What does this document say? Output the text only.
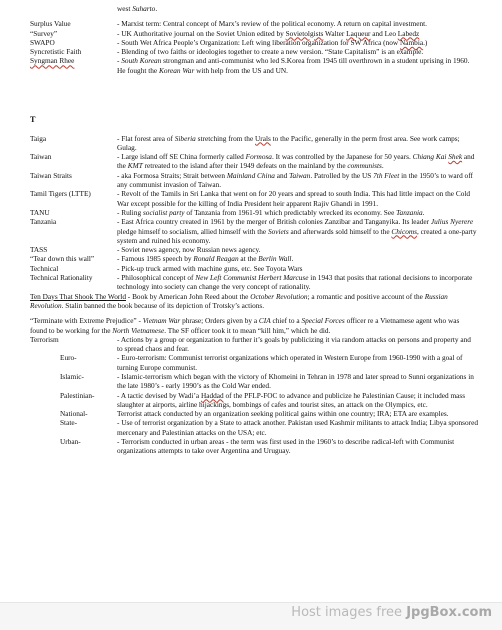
west Suharto.
Surplus Value	- Marxist term: Central concept of Marx’s review of the political economy. A return on capital investment.
“Survey”	- UK Authoritative journal on the Soviet Union edited by Sovietolgists Walter Laqueur and Leo Labedz
SWAPO	- South Wet Africa People’s Organization: Left wing liberation organization for SW Africa (now Nambia.)
Syncretistic Faith	- Blending of two faiths or ideologies together to create a new version. “State Capitalism” is an example.
Syngman Rhee	- South Korean strongman and anti-communist who led S.Korea from 1945 till overthrown in a student uprising in 1960. He fought the Korean War with help from the US and UN.
T
Taiga	- Flat forest area of Siberia stretching from the Urals to the Pacific, generally in the perm frost area. See work camps; Gulag.
Taiwan	- Large island off SE China formerly called Formosa. It was controlled by the Japanese for 50 years. Chiang Kai Shek and the KMT retreated to the island after their 1949 defeats on the mainland by the communists.
Taiwan Straits	- aka Formosa Straits; Strait between Mainland China and Taiwan. Patrolled by the US 7th Fleet in the 1950’s to ward off any communist invasion of Taiwan.
Tamil Tigers (LTTE)	- Revolt of the Tamils in Sri Lanka that went on for 20 years and spread to south India. This had little impact on the Cold War except possible for the killing of India President heir apparent Rajiv Ghandi in 1991.
TANU	- Ruling socialist party of Tanzania from 1961-91 which predictably wrecked its economy. See Tanzania.
Tanzania	- East Africa country created in 1961 by the merger of British colonies Zanzibar and Tanganyika. Its leader Julius Nyerere pledge himself to socialism, allied himself with the Soviets and afterwards sold himself to the Chicoms, created a one-party system and ruined his economy.
TASS	- Soviet news agency, now Russian news agency.
“Tear down this wall”	- Famous 1985 speech by Ronald Reagan at the Berlin Wall.
Technical	- Pick-up truck armed with machine guns, etc. See Toyota Wars
Technical Rationality	- Philosophical concept of New Left Communist Herbert Marcuse in 1943 that posits that rational decisions to incorporate technology into society can change the very concept of rationality.
Ten Days That Shook The World - Book by American John Reed about the October Revolution; a romantic and positive account of the Russian Revolution. Stalin banned the book because of its depiction of Trotsky’s actions.
“Terminate with Extreme Prejudice” - Vietnam War phrase; Orders given by a CIA chief to a Special Forces officer re a Vietnamese agent who was found to be working for the North Vietnamese. The SF officer took it to mean “kill him,” which he did.
Terrorism	- Actions by a group or organization to further it’s goals by publicizing it via random attacks on persons and property and to spread chaos and fear.
Euro-	- Euro-terrorism: Communist terrorist organizations which operated in Western Europe from 1960-1990 with a goal of turning Europe communist.
Islamic-	- Islamic-terrorism which began with the victory of Khomeini in Tehran in 1978 and later spread to Sunni organizations in the late 1980’s - early 1990’s as the Cold War ended.
Palestinian-	- A tactic devised by Wadi’a Haddad of the PFLP-FOC to advance and publicize he Palestinian Cause; it included mass slaughter at airports, airline hijackings, bombings of cafes and tourist sites, an attack on the Olympics, etc.
National-	Terrorist attack conducted by an organization seeking political gains within one country; IRA; ETA are examples.
State-	- Use of terrorist organization by a State to attack another. Pakistan used Kashmir militants to attack India; Libya sponsored mercenary and Palestinian attacks on the USA; etc.
Urban-	- Terrorism conducted in urban areas - the term was first used in the 1960’s to describe radical-left with Communist organizations attempts to take over Argentina and Uruguay.
Host images free JpgBox.com
